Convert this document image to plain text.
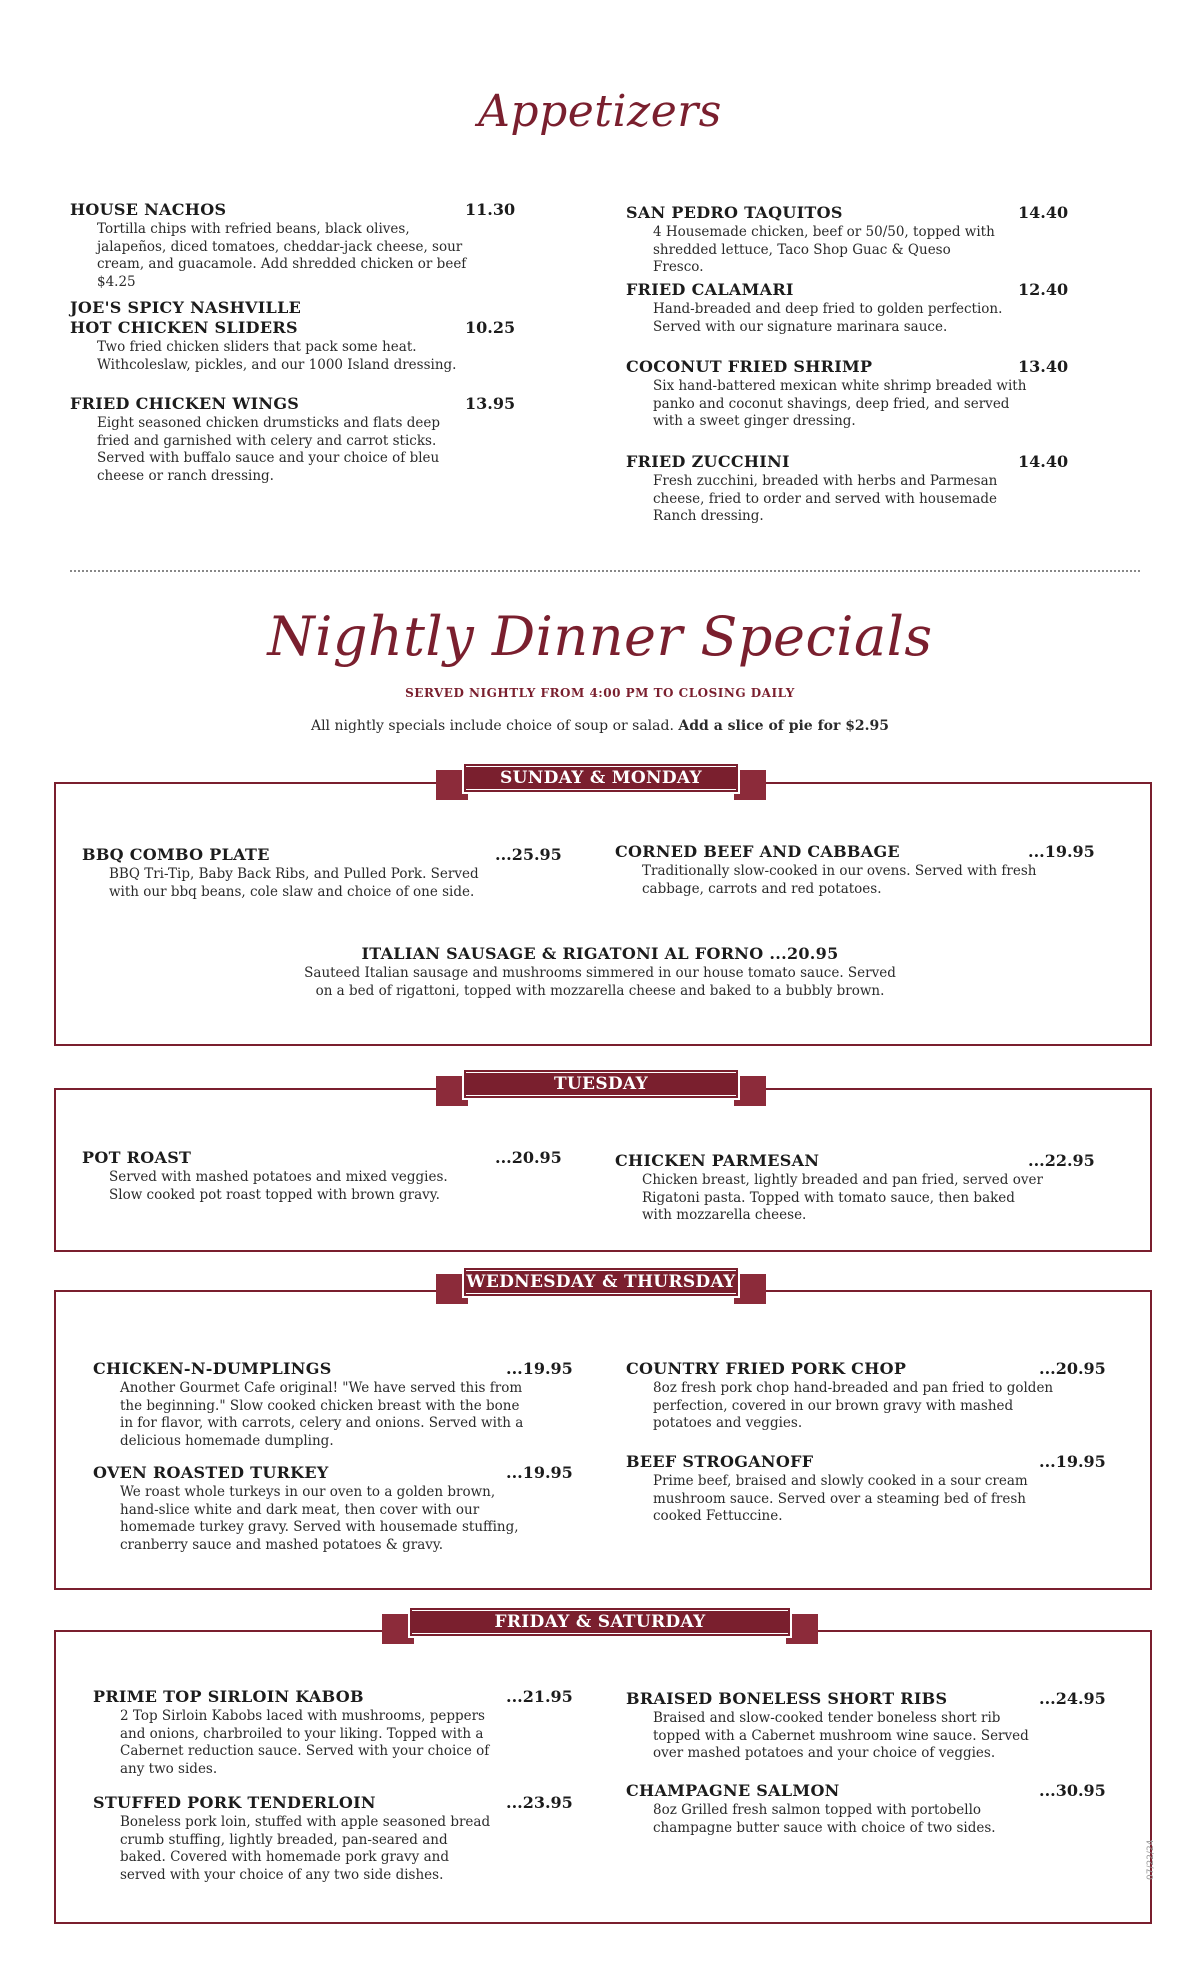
Appetizers
HOUSE NACHOS	11.30
Tortilla chips with refried beans, black olives, jalapeños, diced tomatoes, cheddar-jack cheese, sour cream, and guacamole. Add shredded chicken or beef $4.25
JOE'S SPICY NASHVILLE
HOT CHICKEN SLIDERS	10.25
Two fried chicken sliders that pack some heat. Withcoleslaw, pickles, and our 1000 Island dressing.
FRIED CHICKEN WINGS	13.95
Eight seasoned chicken drumsticks and flats deep fried and garnished with celery and carrot sticks. Served with buffalo sauce and your choice of bleu cheese or ranch dressing.
SAN PEDRO TAQUITOS	14.40
4 Housemade chicken, beef or 50/50, topped with shredded lettuce, Taco Shop Guac & Queso Fresco.
FRIED CALAMARI	12.40
Hand-breaded and deep fried to golden perfection. Served with our signature marinara sauce.
COCONUT FRIED SHRIMP	13.40
Six hand-battered mexican white shrimp breaded with panko and coconut shavings, deep fried, and served with a sweet ginger dressing.
FRIED ZUCCHINI	14.40
Fresh zucchini, breaded with herbs and Parmesan cheese, fried to order and served with housemade Ranch dressing.
Nightly Dinner Specials
SERVED NIGHTLY FROM 4:00 PM TO CLOSING DAILY
All nightly specials include choice of soup or salad. Add a slice of pie for $2.95
SUNDAY & MONDAY
BBQ COMBO PLATE	...25.95
BBQ Tri-Tip, Baby Back Ribs, and Pulled Pork. Served with our bbq beans, cole slaw and choice of one side.
CORNED BEEF AND CABBAGE	...19.95
Traditionally slow-cooked in our ovens. Served with fresh cabbage, carrots and red potatoes.
ITALIAN SAUSAGE & RIGATONI AL FORNO ...20.95
Sauteed Italian sausage and mushrooms simmered in our house tomato sauce. Served
on a bed of rigattoni, topped with mozzarella cheese and baked to a bubbly brown.
TUESDAY
POT ROAST	...20.95
Served with mashed potatoes and mixed veggies. Slow cooked pot roast topped with brown gravy.
CHICKEN PARMESAN	...22.95
Chicken breast, lightly breaded and pan fried, served over Rigatoni pasta. Topped with tomato sauce, then baked with mozzarella cheese.
WEDNESDAY & THURSDAY
CHICKEN-N-DUMPLINGS	...19.95
Another Gourmet Cafe original! "We have served this from the beginning." Slow cooked chicken breast with the bone in for flavor, with carrots, celery and onions. Served with a delicious homemade dumpling.
OVEN ROASTED TURKEY	...19.95
We roast whole turkeys in our oven to a golden brown, hand-slice white and dark meat, then cover with our homemade turkey gravy. Served with housemade stuffing, cranberry sauce and mashed potatoes & gravy.
COUNTRY FRIED PORK CHOP	...20.95
8oz fresh pork chop hand-breaded and pan fried to golden perfection, covered in our brown gravy with mashed potatoes and veggies.
BEEF STROGANOFF	...19.95
Prime beef, braised and slowly cooked in a sour cream mushroom sauce. Served over a steaming bed of fresh cooked Fettuccine.
FRIDAY & SATURDAY
PRIME TOP SIRLOIN KABOB	...21.95
2 Top Sirloin Kabobs laced with mushrooms, peppers and onions, charbroiled to your liking. Topped with a Cabernet reduction sauce. Served with your choice of any two sides.
STUFFED PORK TENDERLOIN	...23.95
Boneless pork loin, stuffed with apple seasoned bread crumb stuffing, lightly breaded, pan-seared and baked. Covered with homemade pork gravy and served with your choice of any two side dishes.
BRAISED BONELESS SHORT RIBS	...24.95
Braised and slow-cooked tender boneless short rib topped with a Cabernet mushroom wine sauce. Served over mashed potatoes and your choice of veggies.
CHAMPAGNE SALMON	...30.95
8oz Grilled fresh salmon topped with portobello champagne butter sauce with choice of two sides.
07/22/24
